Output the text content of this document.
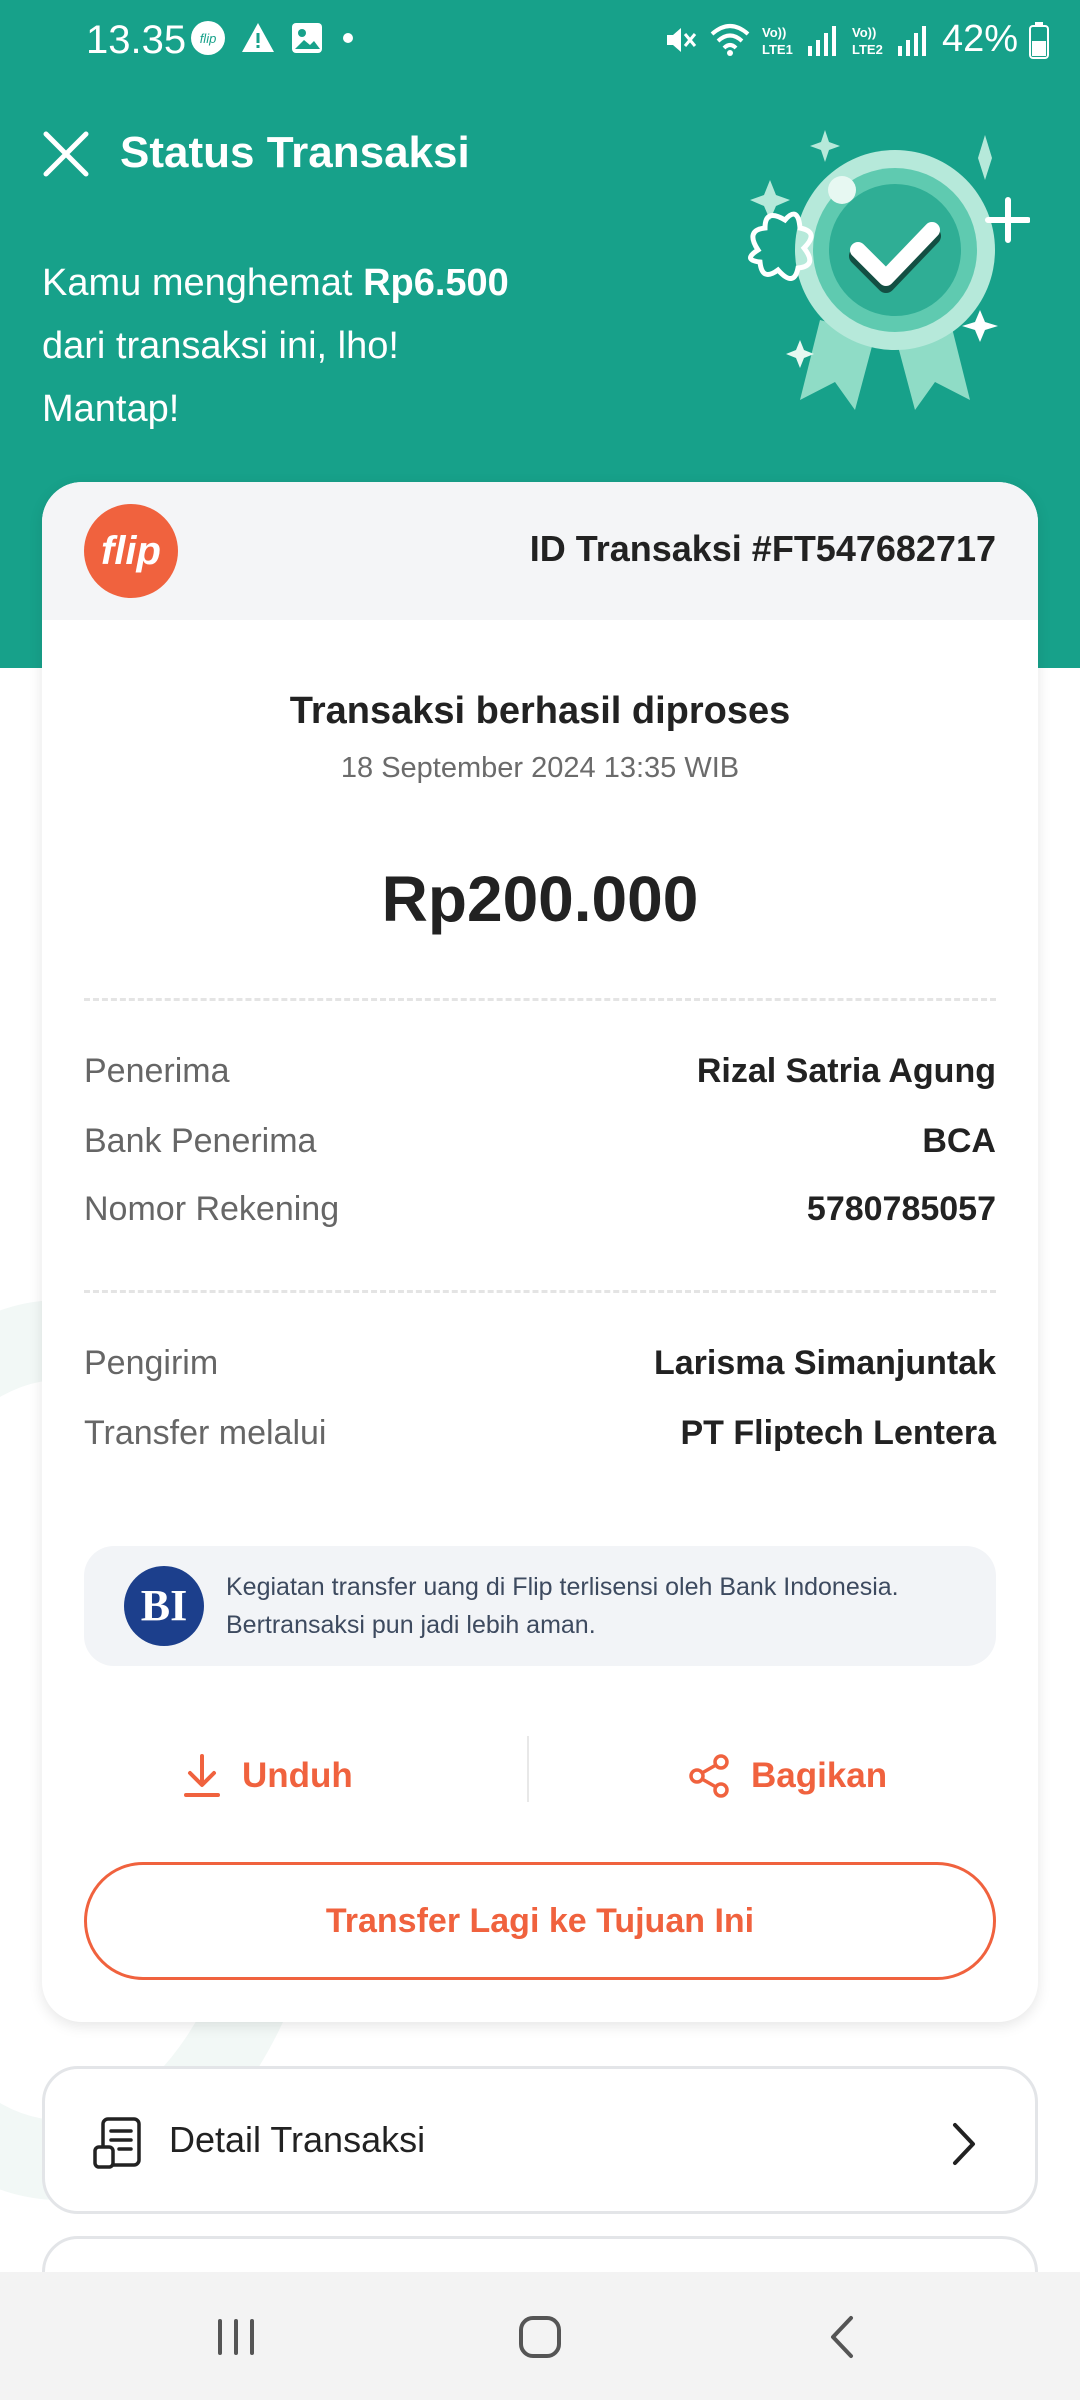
13.35 flip	Vo))
LTE1
Vo))
LTE2 42%
Status Transaksi
Kamu menghemat Rp6.500
dari transaksi ini, lho!
Mantap!
flip	ID Transaksi #FT547682717
Transaksi berhasil diproses
18 September 2024 13:35 WIB
Rp200.000
Penerima	Rizal Satria Agung
Bank Penerima	BCA
Nomor Rekening	5780785057
Pengirim	Larisma Simanjuntak
Transfer melalui	PT Fliptech Lentera
BI	Kegiatan transfer uang di Flip terlisensi oleh Bank Indonesia.
Bertransaksi pun jadi lebih aman.
Unduh	Bagikan
Transfer Lagi ke Tujuan Ini
Detail Transaksi
